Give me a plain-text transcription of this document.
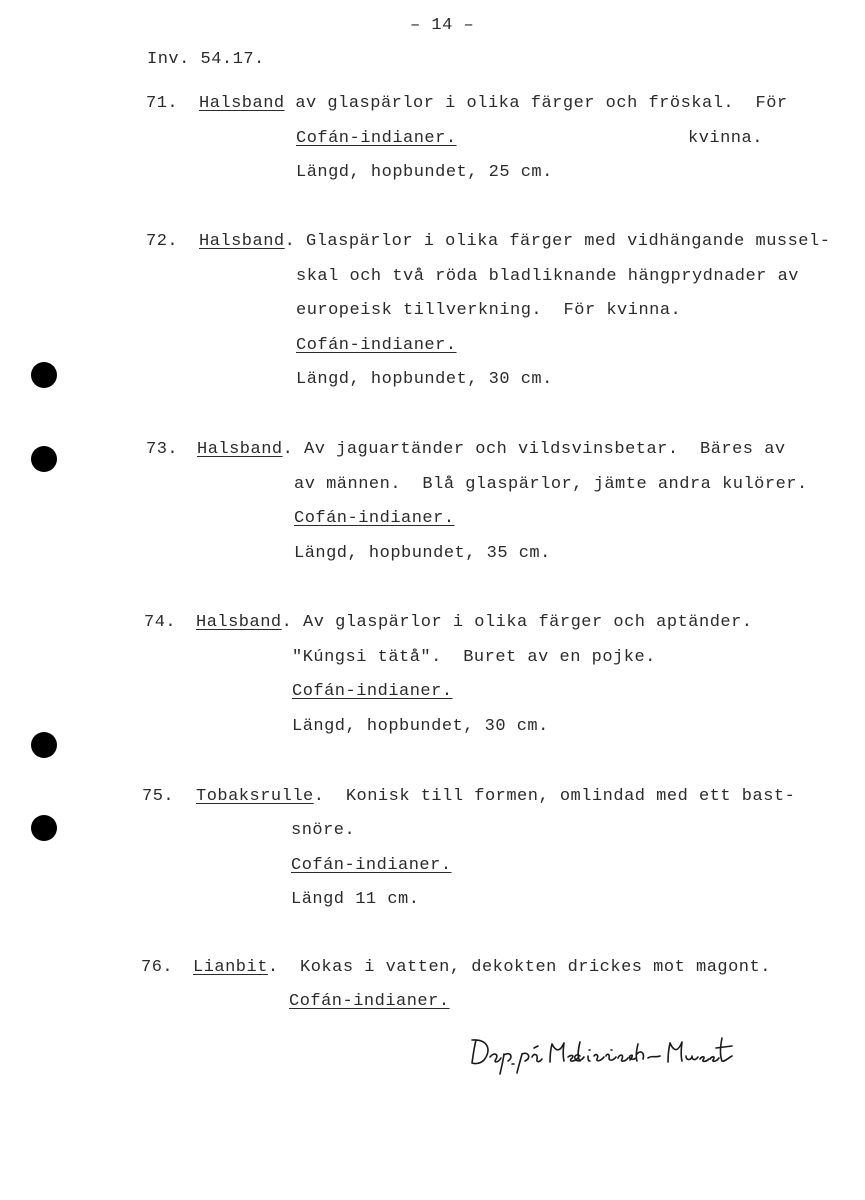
– 14 –
Inv. 54.17.
71. Halsband av glaspärlor i olika färger och fröskal.  För
Cofán-indianer.	kvinna.
Längd, hopbundet, 25 cm.
72. Halsband. Glaspärlor i olika färger med vidhängande mussel-
skal och två röda bladliknande hängprydnader av
europeisk tillverkning.  För kvinna.
Cofán-indianer.
Längd, hopbundet, 30 cm.
73. Halsband. Av jaguartänder och vildsvinsbetar.  Bäres av
av männen.  Blå glaspärlor, jämte andra kulörer.
Cofán-indianer.
Längd, hopbundet, 35 cm.
74. Halsband. Av glaspärlor i olika färger och aptänder.
"Kúngsi tätå".  Buret av en pojke.
Cofán-indianer.
Längd, hopbundet, 30 cm.
75. Tobaksrulle.  Konisk till formen, omlindad med ett bast-
snöre.
Cofán-indianer.
Längd 11 cm.
76. Lianbit.  Kokas i vatten, dekokten drickes mot magont.
Cofán-indianer.
